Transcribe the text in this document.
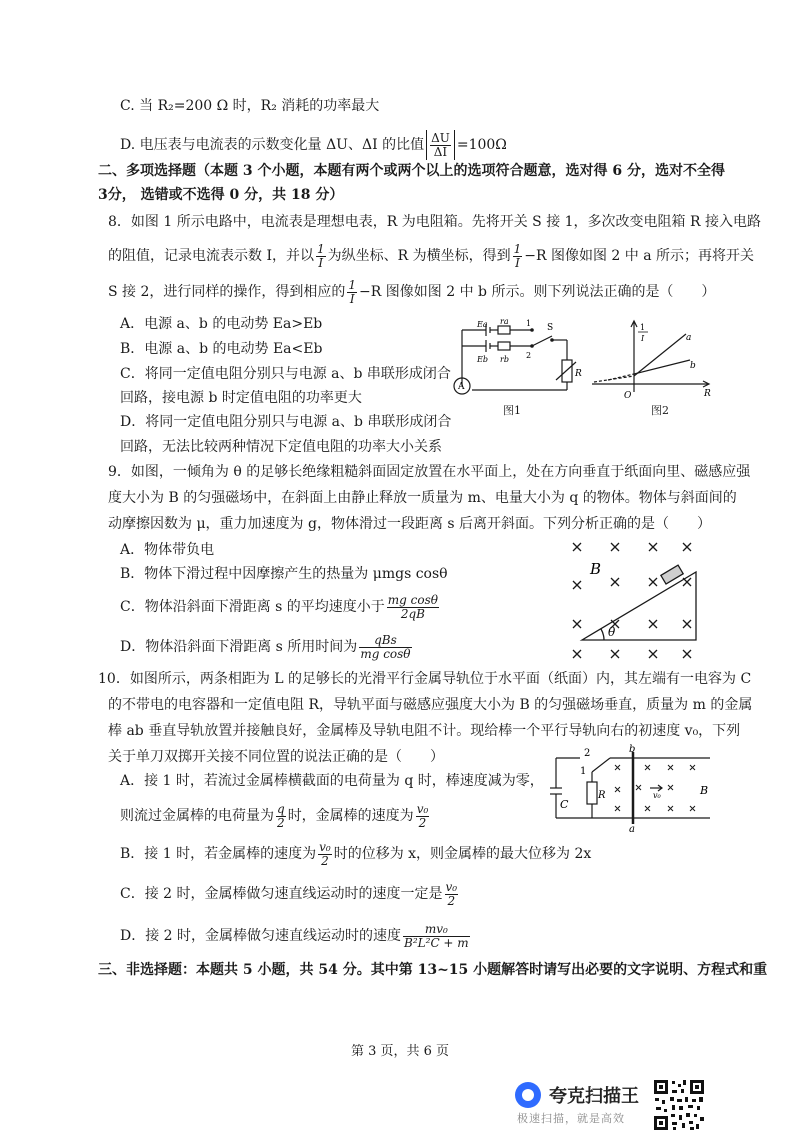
C. 当 R₂=200 Ω 时，R₂ 消耗的功率最大
D. 电压表与电流表的示数变化量 ΔU、ΔI 的比值 $\frac{\Delta U}{\Delta I} =100\Omega$
二、多项选择题（本题 3 个小题，本题有两个或两个以上的选项符合题意，选对得 6 分，选对不全得
3分， 选错或不选得 0 分，共 18 分）
8．如图 1 所示电路中，电流表是理想电表，R 为电阻箱。先将开关 S 接 1，多次改变电阻箱 R 接入电路
的阻值，记录电流表示数 I，并以 $\frac{1}{I}$ 为纵坐标、R 为横坐标，得到 $\frac{1}{I} -R$ 图像如图 2 中 a 所示；再将开关
S 接 2，进行同样的操作，得到相应的 $\frac{1}{I} -R$ 图像如图 2 中 b 所示。则下列说法正确的是（　　）
A．电源 a、b 的电动势 Ea>Eb
B．电源 a、b 的电动势 Ea<Eb
C．将同一定值电阻分别只与电源 a、b 串联形成闭合
回路，接电源 b 时定值电阻的功率更大
D．将同一定值电阻分别只与电源 a、b 串联形成闭合
回路，无法比较两种情况下定值电阻的功率大小关系
Ea ra
Eb rb
S
1
2
R
A
图1
1
I
R
O
a
b
图2
9．如图，一倾角为 θ 的足够长绝缘粗糙斜面固定放置在水平面上，处在方向垂直于纸面向里、磁感应强
度大小为 B 的匀强磁场中，在斜面上由静止释放一质量为 m、电量大小为 q 的物体。物体与斜面间的
动摩擦因数为 μ，重力加速度为 g，物体滑过一段距离 s 后离开斜面。下列分析正确的是（　　）
A．物体带负电
B．物体下滑过程中因摩擦产生的热量为 μmgs cosθ
C．物体沿斜面下滑距离 s 的平均速度小于 $\frac{\text{mg cosθ}}{2qB}$
D．物体沿斜面下滑距离 s 所用时间为 $\frac{\text{qBs}}{\text{mg cosθ}}$
B
θ
10．如图所示，两条相距为 L 的足够长的光滑平行金属导轨位于水平面（纸面）内，其左端有一电容为 C
的不带电的电容器和一定值电阻 R，导轨平面与磁感应强度大小为 B 的匀强磁场垂直，质量为 m 的金属
棒 ab 垂直导轨放置并接触良好，金属棒及导轨电阻不计。现给棒一个平行导轨向右的初速度 v₀，下列
关于单刀双掷开关接不同位置的说法正确的是（　　）
A．接 1 时，若流过金属棒横截面的电荷量为 q 时，棒速度减为零，
则流过金属棒的电荷量为 $\frac{q}{2}$ 时，金属棒的速度为 $\frac{\text{v₀}}{2}$
B．接 1 时，若金属棒的速度为 $\frac{\text{v₀}}{2}$ 时的位移为 x，则金属棒的最大位移为 2x
C．接 2 时，金属棒做匀速直线运动时的速度一定是 $\frac{\text{v₀}}{2}$
D．接 2 时，金属棒做匀速直线运动时的速度 $\frac{\text{mv₀}}{\text{B²L²C + m}}$
2
1
b
a
C
R	B
v₀
三、非选择题：本题共 5 小题，共 54 分。其中第 13~15 小题解答时请写出必要的文字说明、方程式和重
第 3 页，共 6 页
夸克扫描王
极速扫描，就是高效
